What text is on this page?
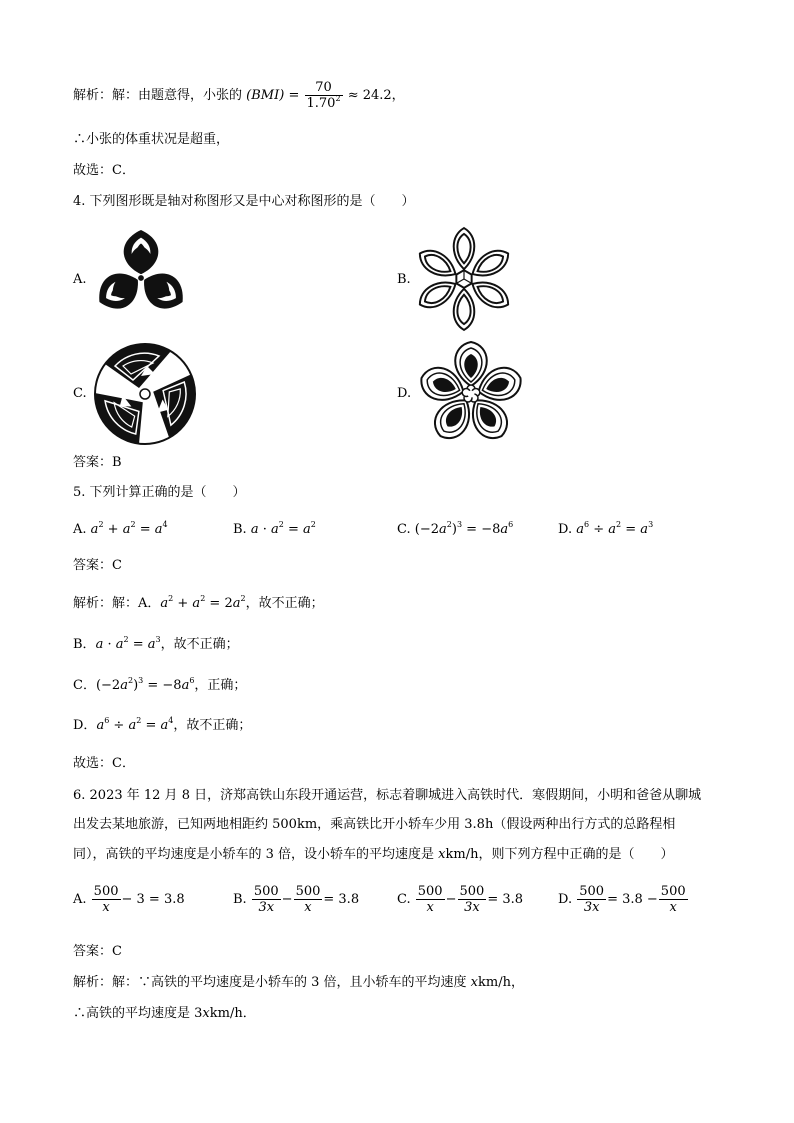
解析：解：由题意得，小张的 $(BMI) = \frac{70}{1.70^2} \approx 24.2$，
∴小张的体重状况是超重，
故选：C．
4. 下列图形既是轴对称图形又是中心对称图形的是（　　）
A.	B.
C.	D.
答案：B
5. 下列计算正确的是（　　）
A. $a^2 + a^2 = a^4$	B. $a \cdot a^2 = a^2$	C. $(-2a^2)^3 = -8a^6$	D. $a^6 \div a^2 = a^3$
答案：C
解析：解：A．$a^2 + a^2 = 2a^2$，故不正确；
B．$a \cdot a^2 = a^3$，故不正确；
C．$(-2a^2)^3 = -8a^6$，正确；
D．$a^6 \div a^2 = a^4$，故不正确；
故选：C．
6. 2023 年 12 月 8 日，济郑高铁山东段开通运营，标志着聊城进入高铁时代．寒假期间，小明和爸爸从聊城
出发去某地旅游，已知两地相距约 500km，乘高铁比开小轿车少用 3.8h（假设两种出行方式的总路程相
同），高铁的平均速度是小轿车的 3 倍，设小轿车的平均速度是 xkm/h，则下列方程中正确的是（　　）
A. $\frac{500}{x} - 3 = 3.8$	B. $\frac{500}{3x} - \frac{500}{x} = 3.8$	C. $\frac{500}{x} - \frac{500}{3x} = 3.8$	D. $\frac{500}{3x} = 3.8 - \frac{500}{x}$
答案：C
解析：解：∵高铁的平均速度是小轿车的 3 倍，且小轿车的平均速度 xkm/h，
∴高铁的平均速度是 3xkm/h．
